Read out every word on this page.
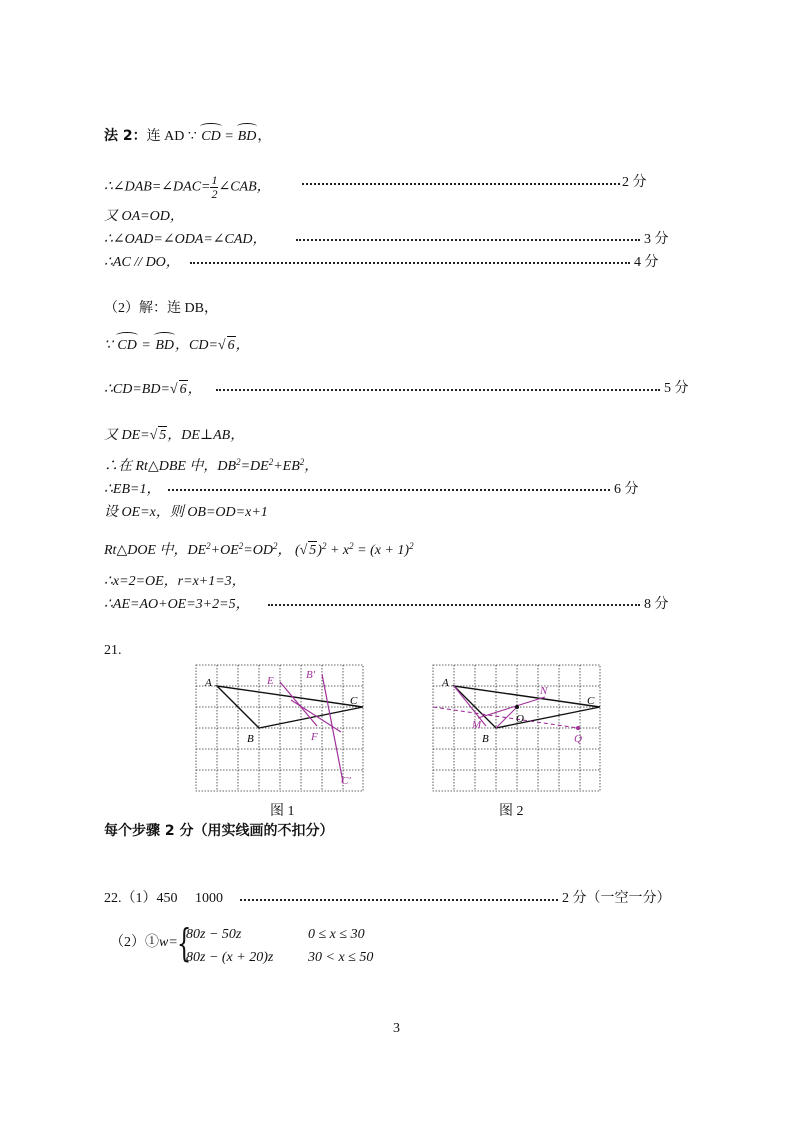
法 2：连 AD ∵ CD = BD，
∴∠DAB=∠DAC= $\frac{1}{2}$ ∠CAB，	2 分
又 OA=OD，
∴∠OAD=∠ODA=∠CAD，	3 分
∴AC // DO，	4 分
（2）解：连 DB，
∵ CD = BD，CD=√ 6，
∴CD=BD=√ 6，	5 分
又 DE=√ 5，DE⊥AB，
∴在 Rt△DBE 中，$DB^2=DE^2+EB^2$，
∴EB=1，	6 分
设 OE=x，则 OB=OD=x+1
Rt△DOE 中，$DE^2+OE^2=OD^2$， (√ $5)^2 + x^2 = (x + 1)^2$
∴x=2=OE，r=x+1=3，
∴AE=AO+OE=3+2=5，	8 分
21.
A
B
C
E	B'
F
C'
图 1
A
B
C
N
M	O
Q
图 2
每个步骤 2 分（用实线画的不扣分）
22.（1）450　 1000	2 分（一空一分）
（2）①w= {
80z − 50z	0 ≤ x ≤ 30
80z − (x + 20)z 30 < x ≤ 50
3
